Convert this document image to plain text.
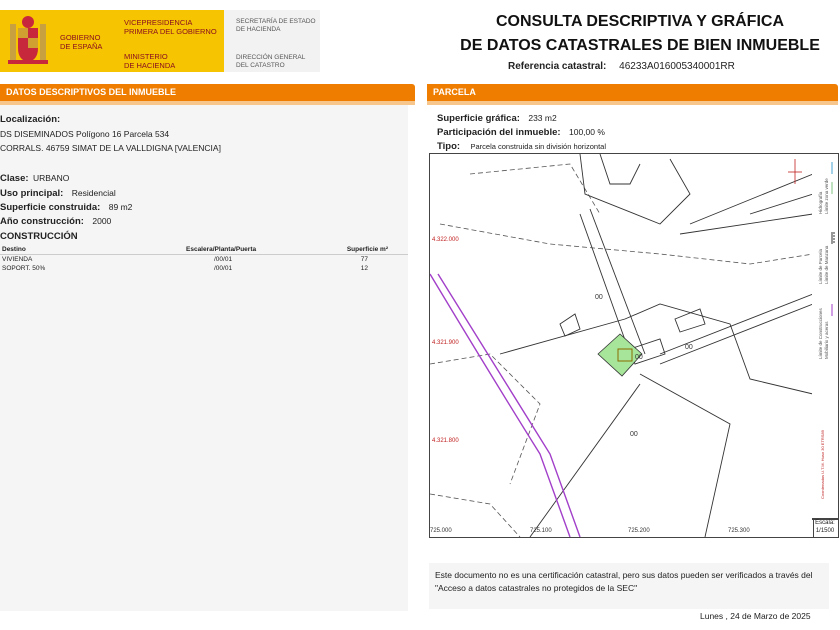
GOBIERNO
DE ESPAÑA
VICEPRESIDENCIA
PRIMERA DEL GOBIERNO
MINISTERIO
DE HACIENDA
SECRETARÍA DE ESTADO
DE HACIENDA
DIRECCIÓN GENERAL
DEL CATASTRO
CONSULTA DESCRIPTIVA Y GRÁFICA
DE DATOS CATASTRALES DE BIEN INMUEBLE
Referencia catastral: 46233A016005340001RR
DATOS DESCRIPTIVOS DEL INMUEBLE
Localización:
DS DISEMINADOS Polígono 16 Parcela 534
CORRALS. 46759 SIMAT DE LA VALLDIGNA [VALENCIA]
Clase: URBANO
Uso principal: Residencial
Superficie construida: 89 m2
Año construcción: 2000
CONSTRUCCIÓN
Destino	Escalera/Planta/Puerta	Superficie m²
VIVIENDA	/00/01	77
SOPORT. 50%	/00/01	12
PARCELA
Superficie gráfica: 233 m2
Participación del inmueble: 100,00 %
Tipo: Parcela construida sin división horizontal
4.322.000
4.321.900
4.321.800
725.000	725.100	725.200	725.300
00
00
00
00
Hidrografía Límite zona verde
Límite de Parcela Límite de Manzana
Límite de Construcciones Mobiliario y aceras
Coordenadas U.T.M. Huso 30 ETRS89
Escala:
1/1500
Este documento no es una certificación catastral, pero sus datos pueden ser verificados a través del "Acceso a datos catastrales no protegidos de la SEC"
Lunes , 24 de Marzo de 2025
